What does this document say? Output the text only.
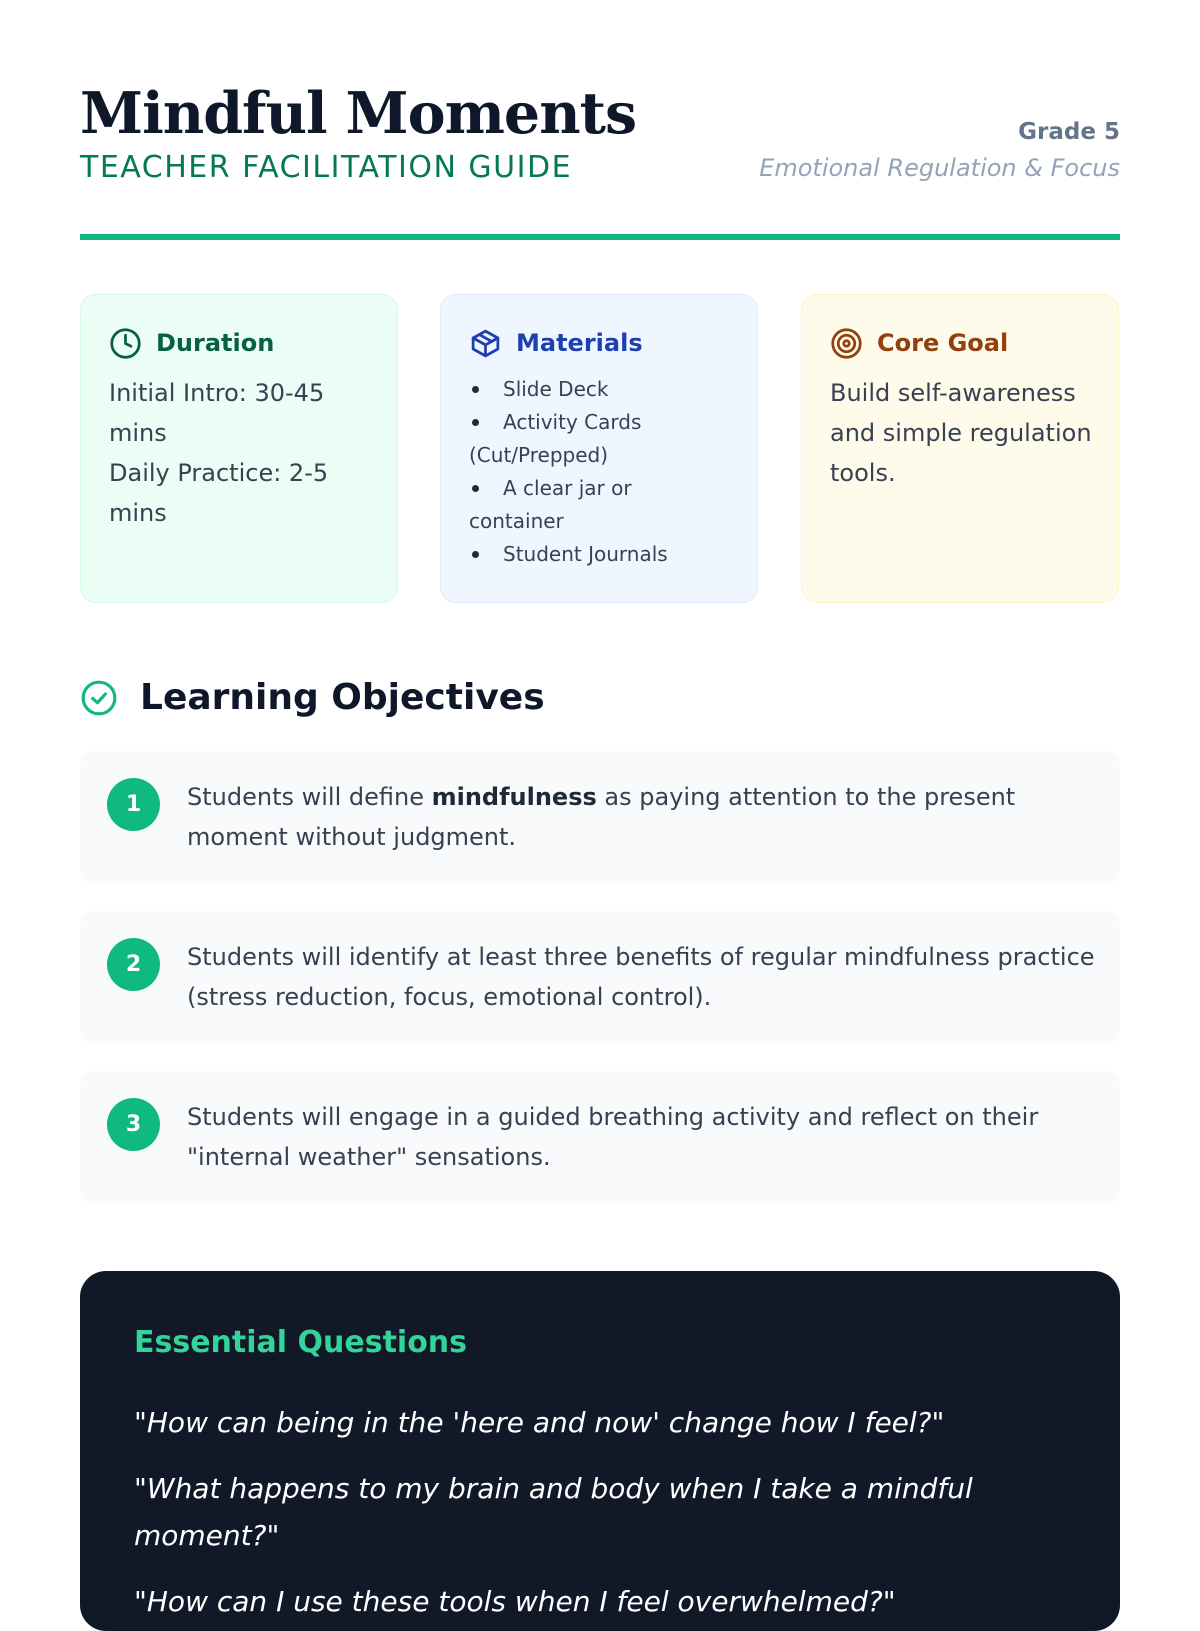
Mindful Moments
TEACHER FACILITATION GUIDE
Grade 5
Emotional Regulation & Focus
Duration
Initial Intro: 30-45 mins
Daily Practice: 2-5 mins
Materials
Slide Deck
Activity Cards (Cut/Prepped)
A clear jar or container
Student Journals
Core Goal
Build self-awareness and simple regulation tools.
Learning Objectives
1	Students will define mindfulness as paying attention to the present moment without judgment.
2	Students will identify at least three benefits of regular mindfulness practice (stress reduction, focus, emotional control).
3	Students will engage in a guided breathing activity and reflect on their "internal weather" sensations.
Essential Questions
"How can being in the 'here and now' change how I feel?"
"What happens to my brain and body when I take a mindful moment?"
"How can I use these tools when I feel overwhelmed?"
